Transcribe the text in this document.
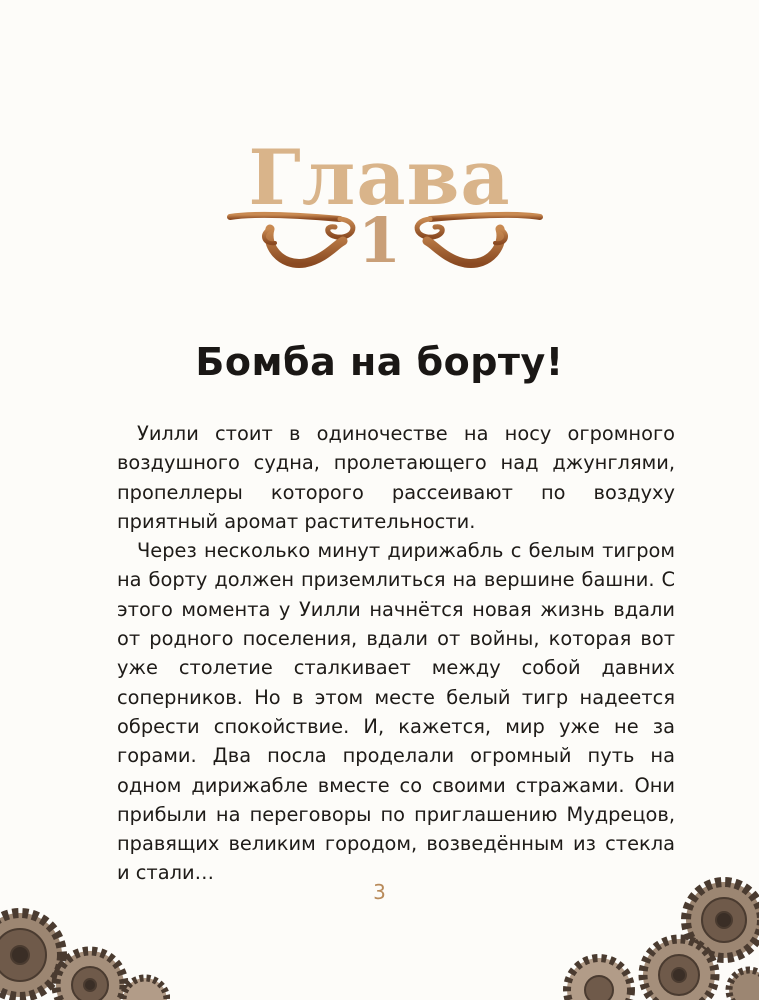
Глава
1
Бомба на борту!

Уилли стоит в одиночестве на носу огромного воздушного судна, пролетающего над джунглями, пропеллеры которого рассеивают по воздуху приятный аромат растительности.

Через несколько минут дирижабль с белым тигром на борту должен приземлиться на вершине башни. С этого момента у Уилли начнётся новая жизнь вдали от родного поселения, вдали от войны, которая вот уже столетие сталкивает между собой давних соперников. Но в этом месте белый тигр надеется обрести спокойствие. И, кажется, мир уже не за горами. Два посла проделали огромный путь на одном дирижабле вместе со своими стражами. Они прибыли на переговоры по приглашению Мудрецов, правящих великим городом, возведённым из стекла и стали…

3
